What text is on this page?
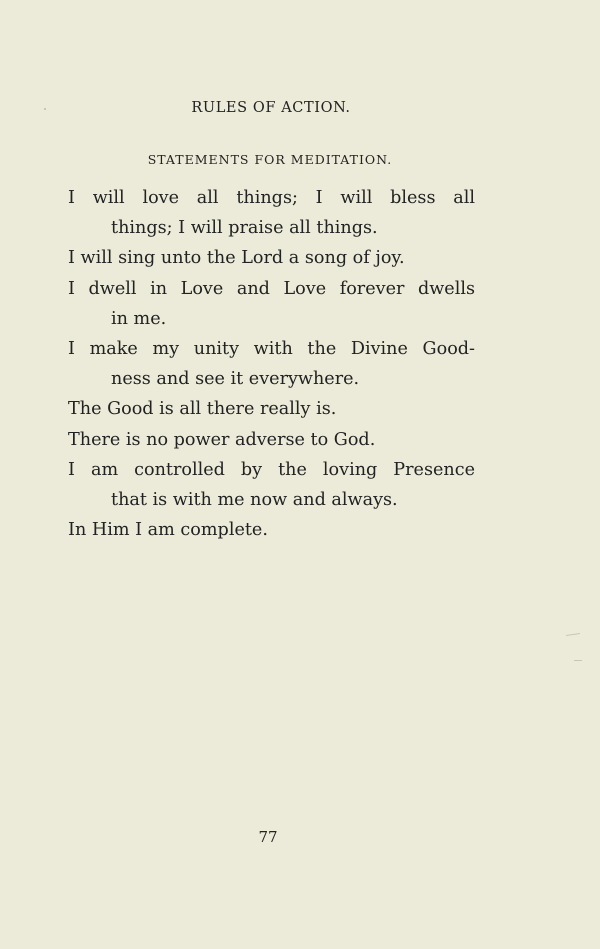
RULES OF ACTION.
STATEMENTS FOR MEDITATION.
I will love all things; I will bless all
things; I will praise all things.
I will sing unto the Lord a song of joy.
I dwell in Love and Love forever dwells
in me.
I make my unity with the Divine Good-
ness and see it everywhere.
The Good is all there really is.
There is no power adverse to God.
I am controlled by the loving Presence
that is with me now and always.
In Him I am complete.
77
